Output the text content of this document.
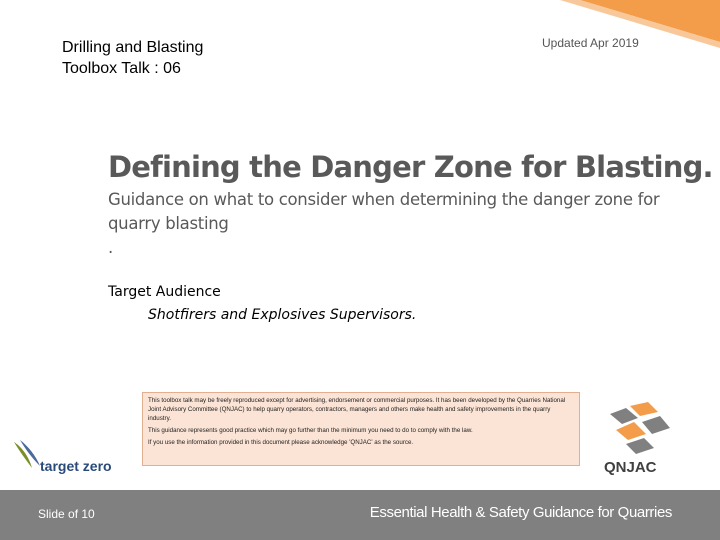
Drilling and Blasting
Toolbox Talk : 06
Updated Apr 2019
Defining the Danger Zone for Blasting.
Guidance on what to consider when determining the danger zone for
quarry blasting
.
Target Audience
Shotfirers and Explosives Supervisors.

This toolbox talk may be freely reproduced except for advertising, endorsement or commercial purposes. It has been developed by the Quarries National Joint Advisory Committee (QNJAC) to help quarry operators, contractors, managers and others make health and safety improvements in the quarry industry.

This guidance represents good practice which may go further than the minimum you need to do to comply with the law.

If you use the information provided in this document please acknowledge 'QNJAC' as the source.

target zero	QNJAC
Slide of 10	Essential Health & Safety Guidance for Quarries
